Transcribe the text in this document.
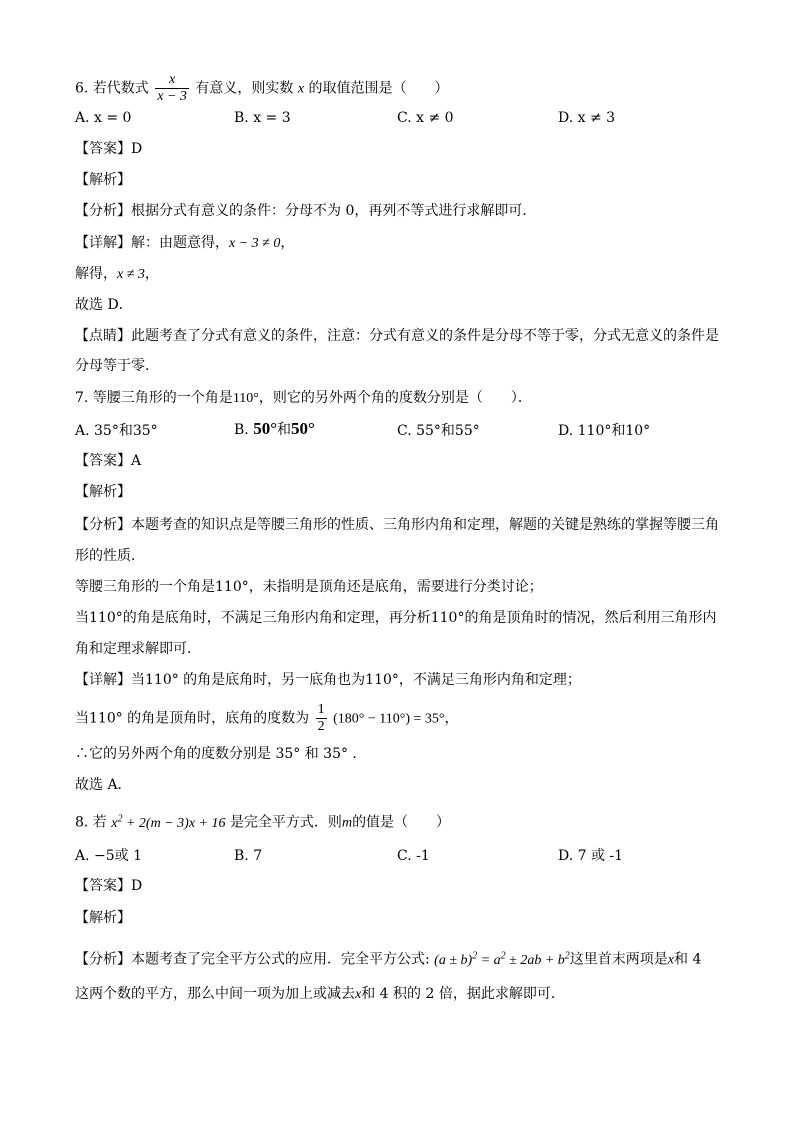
6. 若代数式 $\frac{x}{x - 3}$ 有意义，则实数 x 的取值范围是（　　）
A. x = 0	B. x = 3	C. x ≠ 0	D. x ≠ 3
【答案】D
【解析】
【分析】根据分式有意义的条件：分母不为 0，再列不等式进行求解即可．
【详解】解：由题意得，x − 3 ≠ 0，
解得，x ≠ 3，
故选 D．
【点睛】此题考查了分式有意义的条件，注意：分式有意义的条件是分母不等于零，分式无意义的条件是
分母等于零．
7. 等腰三角形的一个角是110°，则它的另外两个角的度数分别是（　　）．
A. 35°和35°	B. 50°和50°	C. 55°和55°	D. 110°和10°
【答案】A
【解析】
【分析】本题考查的知识点是等腰三角形的性质、三角形内角和定理，解题的关键是熟练的掌握等腰三角
形的性质．
等腰三角形的一个角是110°，未指明是顶角还是底角，需要进行分类讨论；
当110°的角是底角时，不满足三角形内角和定理，再分析110°的角是顶角时的情况，然后利用三角形内
角和定理求解即可．
【详解】当110° 的角是底角时，另一底角也为110°，不满足三角形内角和定理；
当110° 的角是顶角时，底角的度数为 $\frac{1}{2} (180^\circ - 110^\circ) = 35^\circ$，
∴它的另外两个角的度数分别是 35° 和 35° ．
故选 A．
8. 若 $x^2 + 2(m - 3)x + 16$ 是完全平方式．则m的值是（　　）
A. −5或 1	B. 7	C. -1	D. 7 或 -1
【答案】D
【解析】
【分析】本题考查了完全平方公式的应用．完全平方公式: $(a \pm b)^2 = a^2 \pm 2ab + b^2$这里首末两项是x和 4
这两个数的平方，那么中间一项为加上或减去x和 4 积的 2 倍，据此求解即可．
